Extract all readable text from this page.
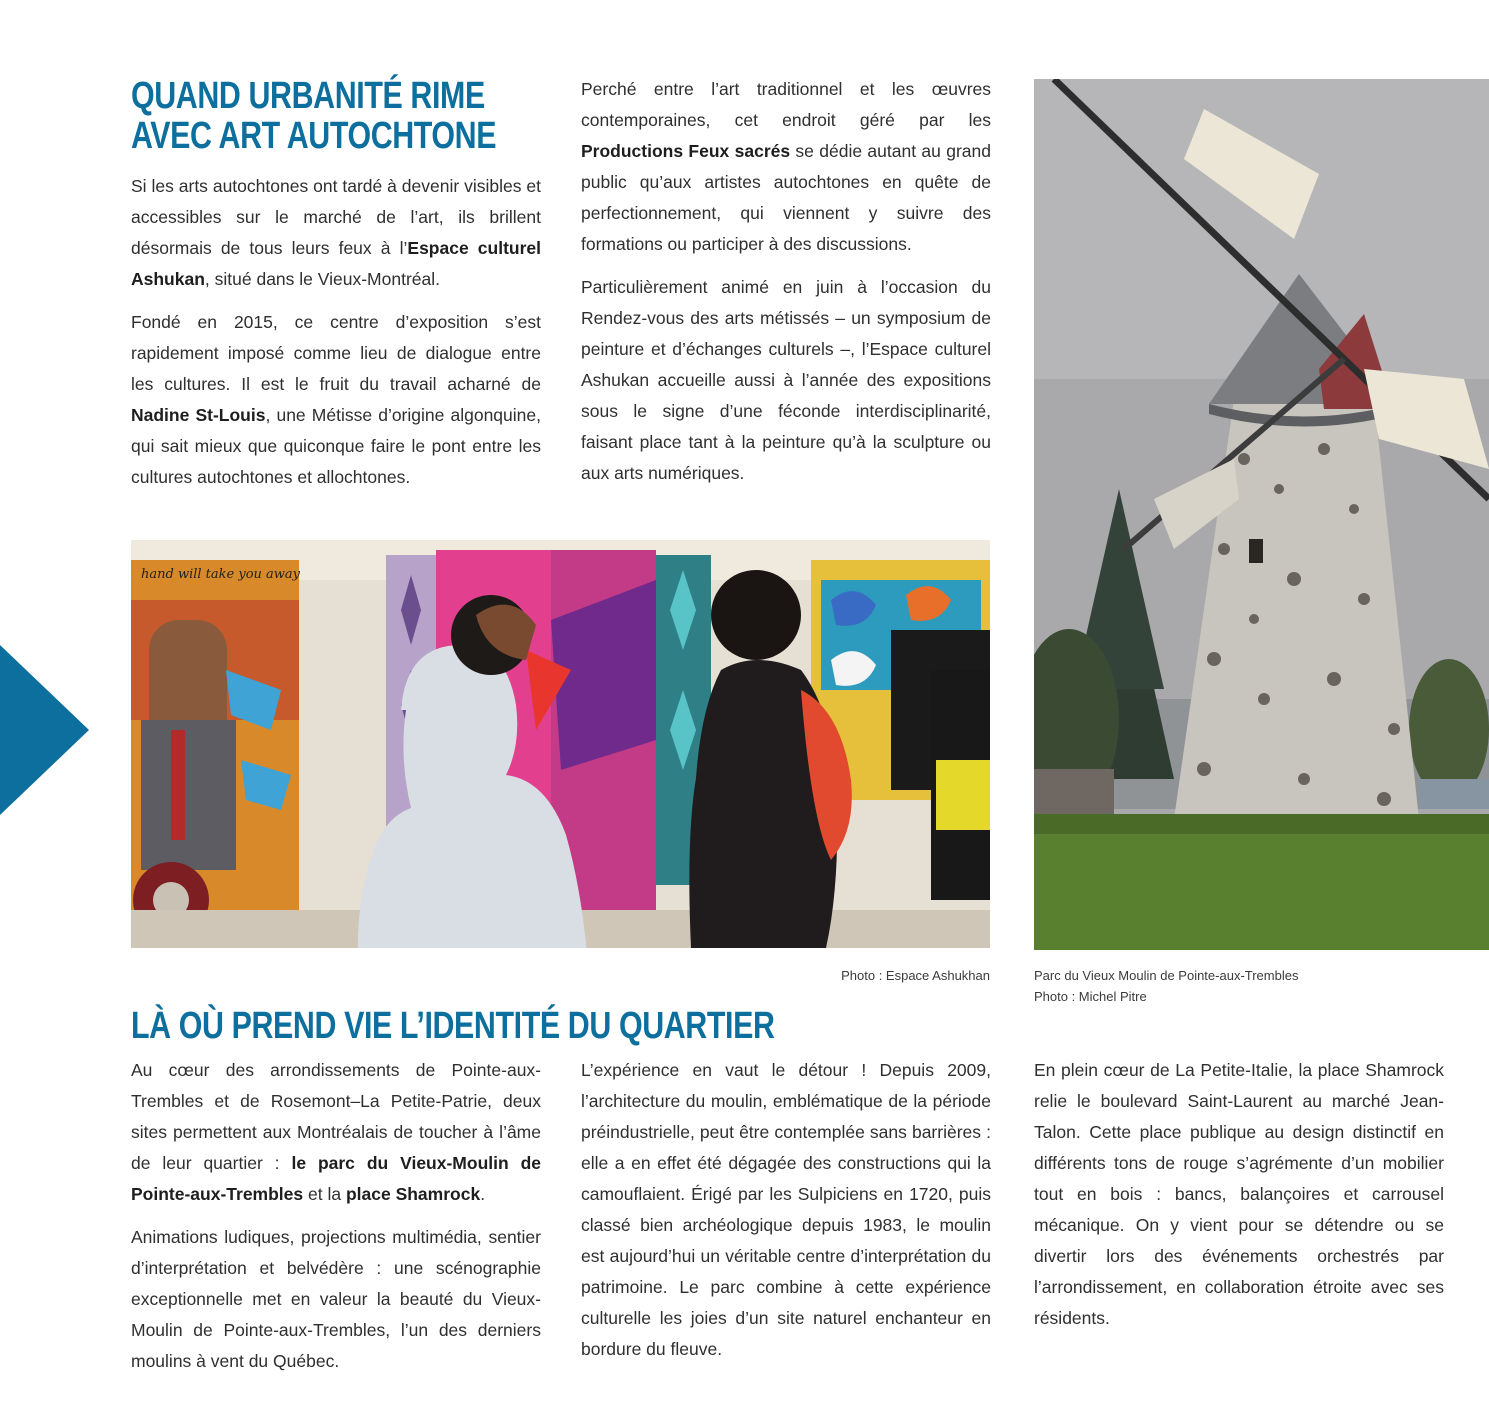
QUAND URBANITÉ RIME
AVEC ART AUTOCHTONE

Si les arts autochtones ont tardé à devenir visibles et accessibles sur le marché de l’art, ils brillent désormais de tous leurs feux à l’Espace culturel Ashukan, situé dans le Vieux-Montréal.

Fondé en 2015, ce centre d’exposition s’est rapidement imposé comme lieu de dialogue entre les cultures. Il est le fruit du travail acharné de Nadine St-Louis, une Métisse d’origine algonquine, qui sait mieux que quiconque faire le pont entre les cultures autochtones et allochtones.

Perché entre l’art traditionnel et les œuvres contemporaines, cet endroit géré par les Productions Feux sacrés se dédie autant au grand public qu’aux artistes autochtones en quête de perfectionnement, qui viennent y suivre des formations ou participer à des discussions.

Particulièrement animé en juin à l’occasion du Rendez-vous des arts métissés – un symposium de peinture et d’échanges culturels –, l’Espace culturel Ashukan accueille aussi à l’année des expositions sous le signe d’une féconde interdisciplinarité, faisant place tant à la peinture qu’à la sculpture ou aux arts numériques.

hand will take you away
Photo : Espace Ashukhan	Parc du Vieux Moulin de Pointe-aux-Trembles
Photo : Michel Pitre
LÀ OÙ PREND VIE L’IDENTITÉ DU QUARTIER

Au cœur des arrondissements de Pointe-aux-Trembles et de Rosemont–La Petite-Patrie, deux sites permettent aux Montréalais de toucher à l’âme de leur quartier : le parc du Vieux-Moulin de Pointe-aux-Trembles et la place Shamrock.

Animations ludiques, projections multimédia, sentier d’interprétation et belvédère : une scénographie exceptionnelle met en valeur la beauté du Vieux-Moulin de Pointe-aux-Trembles, l’un des derniers moulins à vent du Québec.

L’expérience en vaut le détour ! Depuis 2009, l’architecture du moulin, emblématique de la période préindustrielle, peut être contemplée sans barrières : elle a en effet été dégagée des constructions qui la camouflaient. Érigé par les Sulpiciens en 1720, puis classé bien archéologique depuis 1983, le moulin est aujourd’hui un véritable centre d’interprétation du patrimoine. Le parc combine à cette expérience culturelle les joies d’un site naturel enchanteur en bordure du fleuve.

En plein cœur de La Petite-Italie, la place Shamrock relie le boulevard Saint-Laurent au marché Jean-Talon. Cette place publique au design distinctif en différents tons de rouge s’agrémente d’un mobilier tout en bois : bancs, balançoires et carrousel mécanique. On y vient pour se détendre ou se divertir lors des événements orchestrés par l’arrondissement, en collaboration étroite avec ses résidents.
